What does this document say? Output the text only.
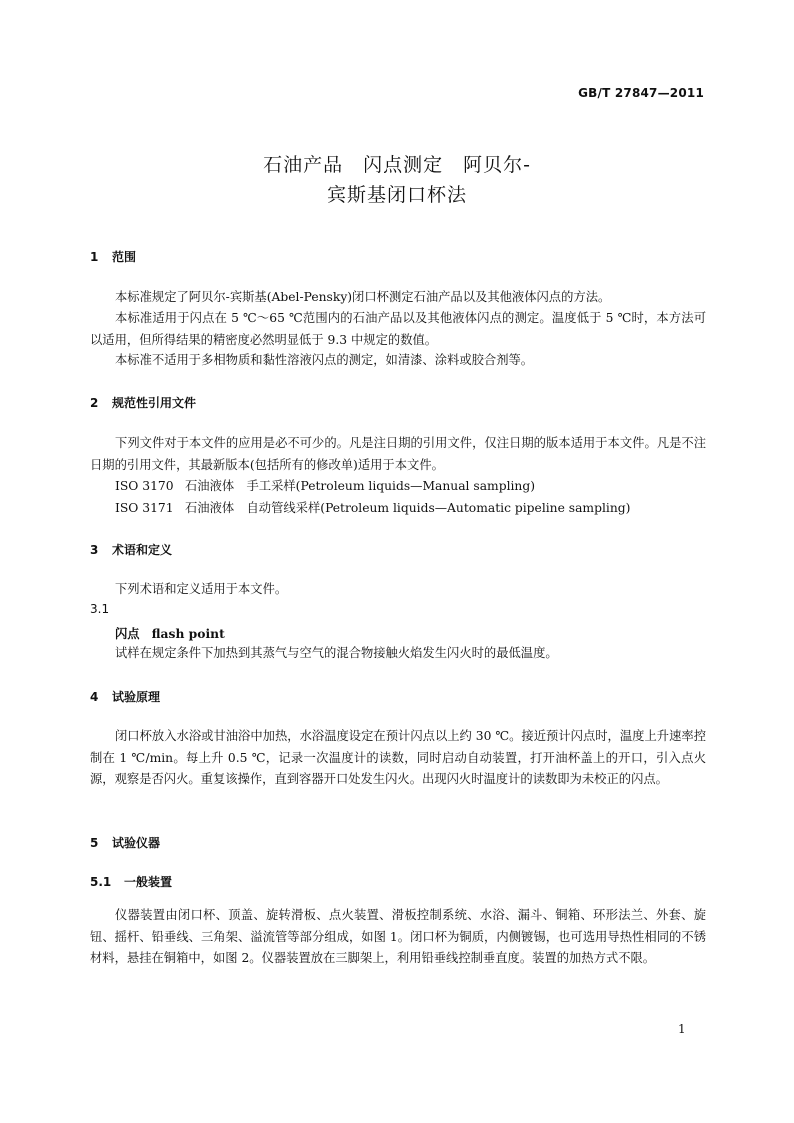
GB/T 27847—2011
石油产品　闪点测定　阿贝尔-
宾斯基闭口杯法
1 范围
本标准规定了阿贝尔-宾斯基(Abel-Pensky)闭口杯测定石油产品以及其他液体闪点的方法。
本标准适用于闪点在 5 ℃～65 ℃范围内的石油产品以及其他液体闪点的测定。温度低于 5 ℃时，本方法可以适用，但所得结果的精密度必然明显低于 9.3 中规定的数值。
本标准不适用于多相物质和黏性溶液闪点的测定，如清漆、涂料或胶合剂等。
2 规范性引用文件
下列文件对于本文件的应用是必不可少的。凡是注日期的引用文件，仅注日期的版本适用于本文件。凡是不注日期的引用文件，其最新版本(包括所有的修改单)适用于本文件。
ISO 3170 石油液体　手工采样(Petroleum liquids—Manual sampling)
ISO 3171 石油液体　自动管线采样(Petroleum liquids—Automatic pipeline sampling)
3 术语和定义
下列术语和定义适用于本文件。
3.1
闪点 flash point
试样在规定条件下加热到其蒸气与空气的混合物接触火焰发生闪火时的最低温度。
4 试验原理
闭口杯放入水浴或甘油浴中加热，水浴温度设定在预计闪点以上约 30 ℃。接近预计闪点时，温度上升速率控制在 1 ℃/min。每上升 0.5 ℃，记录一次温度计的读数，同时启动自动装置，打开油杯盖上的开口，引入点火源，观察是否闪火。重复该操作，直到容器开口处发生闪火。出现闪火时温度计的读数即为未校正的闪点。
5 试验仪器
5.1 一般装置
仪器装置由闭口杯、顶盖、旋转滑板、点火装置、滑板控制系统、水浴、漏斗、铜箱、环形法兰、外套、旋钮、摇杆、铅垂线、三角架、溢流管等部分组成，如图 1。闭口杯为铜质，内侧镀锡，也可选用导热性相同的不锈材料，悬挂在铜箱中，如图 2。仪器装置放在三脚架上，利用铅垂线控制垂直度。装置的加热方式不限。
1
